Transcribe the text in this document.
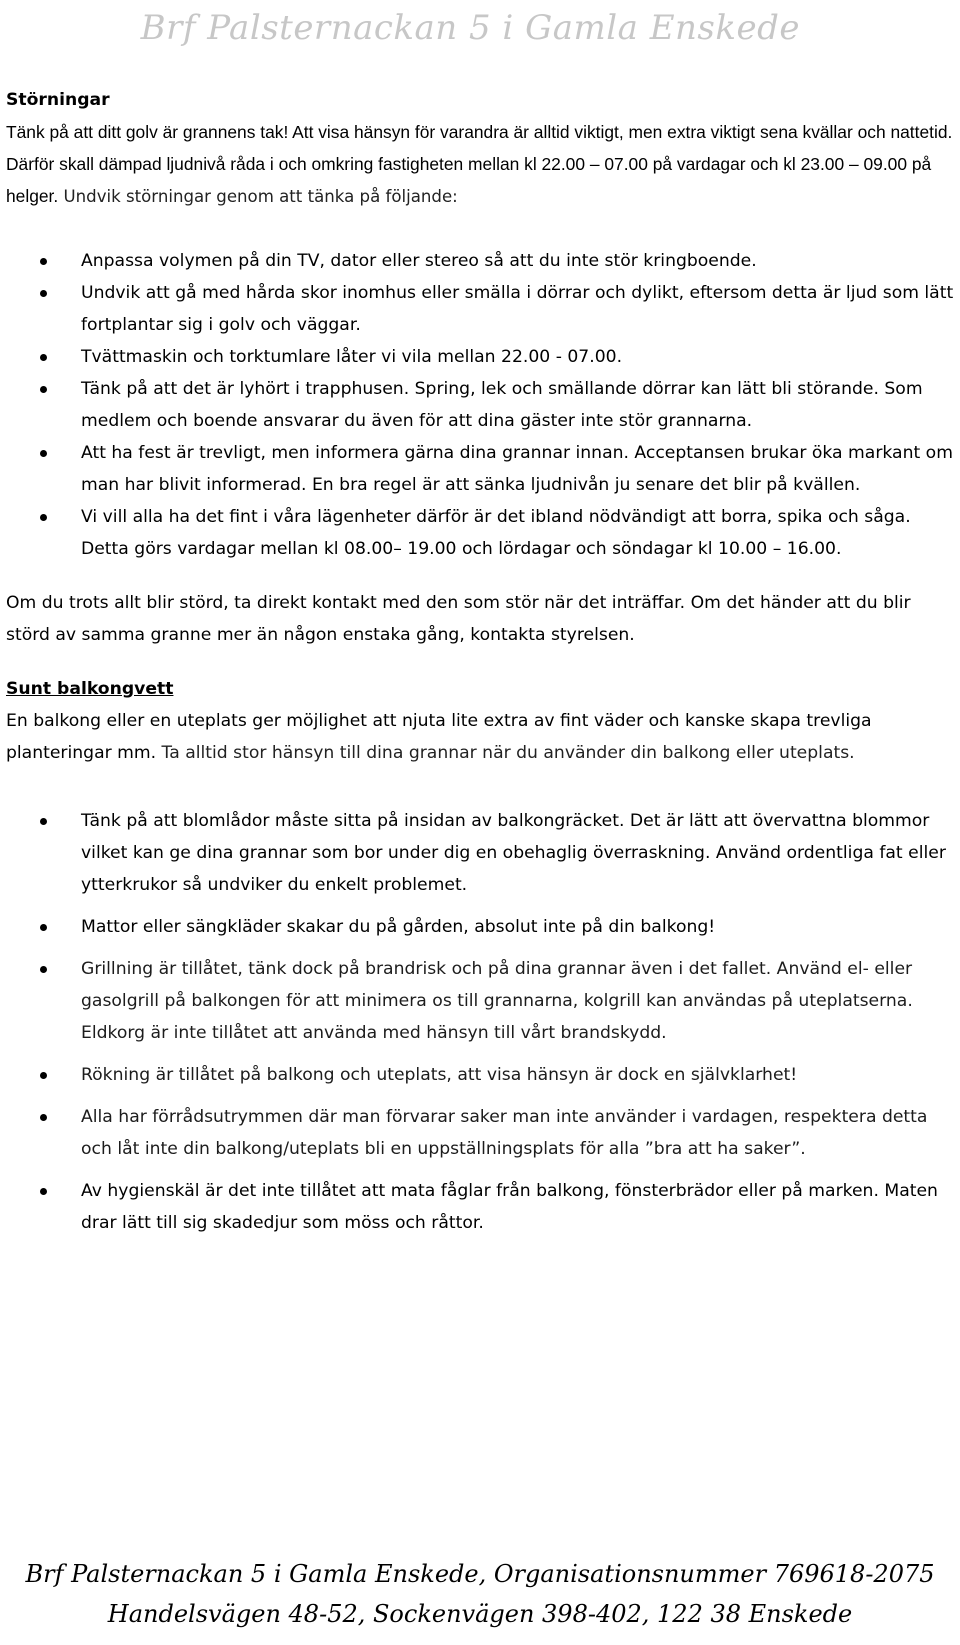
Brf Palsternackan 5 i Gamla Enskede
Störningar

Tänk på att ditt golv är grannens tak! Att visa hänsyn för varandra är alltid viktigt, men extra viktigt sena kvällar och nattetid. Därför skall dämpad ljudnivå råda i och omkring fastigheten mellan kl 22.00 – 07.00 på vardagar och kl 23.00 – 09.00 på helger. Undvik störningar genom att tänka på följande:

Anpassa volymen på din TV, dator eller stereo så att du inte stör kringboende.
Undvik att gå med hårda skor inomhus eller smälla i dörrar och dylikt, eftersom detta är ljud som lätt fortplantar sig i golv och väggar.
Tvättmaskin och torktumlare låter vi vila mellan 22.00 - 07.00.
Tänk på att det är lyhört i trapphusen. Spring, lek och smällande dörrar kan lätt bli störande. Som medlem och boende ansvarar du även för att dina gäster inte stör grannarna.
Att ha fest är trevligt, men informera gärna dina grannar innan. Acceptansen brukar öka markant om man har blivit informerad. En bra regel är att sänka ljudnivån ju senare det blir på kvällen.
Vi vill alla ha det fint i våra lägenheter därför är det ibland nödvändigt att borra, spika och såga. Detta görs vardagar mellan kl 08.00– 19.00 och lördagar och söndagar kl 10.00 – 16.00.

Om du trots allt blir störd, ta direkt kontakt med den som stör när det inträffar. Om det händer att du blir störd av samma granne mer än någon enstaka gång, kontakta styrelsen.

Sunt balkongvett

En balkong eller en uteplats ger möjlighet att njuta lite extra av fint väder och kanske skapa trevliga planteringar mm. Ta alltid stor hänsyn till dina grannar när du använder din balkong eller uteplats.

Tänk på att blomlådor måste sitta på insidan av balkongräcket. Det är lätt att övervattna blommor vilket kan ge dina grannar som bor under dig en obehaglig överraskning. Använd ordentliga fat eller ytterkrukor så undviker du enkelt problemet.
Mattor eller sängkläder skakar du på gården, absolut inte på din balkong!
Grillning är tillåtet, tänk dock på brandrisk och på dina grannar även i det fallet. Använd el- eller gasolgrill på balkongen för att minimera os till grannarna, kolgrill kan användas på uteplatserna. Eldkorg är inte tillåtet att använda med hänsyn till vårt brandskydd.
Rökning är tillåtet på balkong och uteplats, att visa hänsyn är dock en självklarhet!
Alla har förrådsutrymmen där man förvarar saker man inte använder i vardagen, respektera detta och låt inte din balkong/uteplats bli en uppställningsplats för alla ”bra att ha saker”.
Av hygienskäl är det inte tillåtet att mata fåglar från balkong, fönsterbrädor eller på marken. Maten drar lätt till sig skadedjur som möss och råttor.
Brf Palsternackan 5 i Gamla Enskede, Organisationsnummer 769618-2075
Handelsvägen 48-52, Sockenvägen 398-402, 122 38 Enskede
